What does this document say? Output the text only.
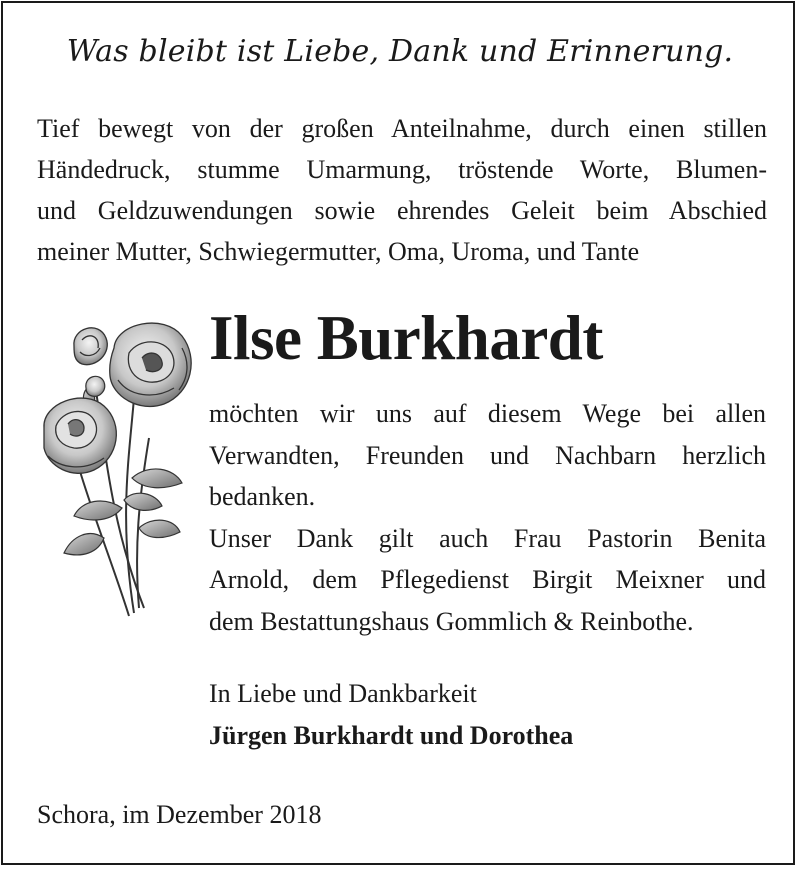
Was bleibt ist Liebe, Dank und Erinnerung.
Tief bewegt von der großen Anteilnahme, durch einen stillen
Händedruck, stumme Umarmung, tröstende Worte, Blumen-
und Geldzuwendungen sowie ehrendes Geleit beim Abschied
meiner Mutter, Schwiegermutter, Oma, Uroma, und Tante
Ilse Burkhardt
möchten wir uns auf diesem Wege bei allen
Verwandten, Freunden und Nachbarn herzlich
bedanken.
Unser Dank gilt auch Frau Pastorin Benita
Arnold, dem Pflegedienst Birgit Meixner und
dem Bestattungshaus Gommlich & Reinbothe.
In Liebe und Dankbarkeit
Jürgen Burkhardt und Dorothea
Schora, im Dezember 2018
